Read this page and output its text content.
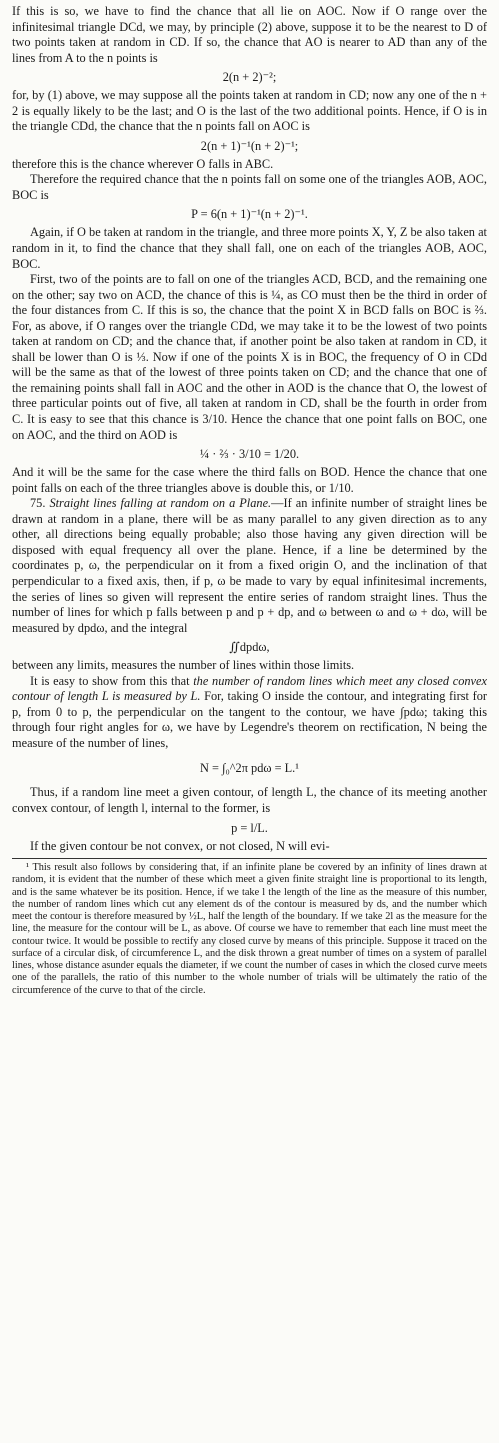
If this is so, we have to find the chance that all lie on AOC. Now if O range over the infinitesimal triangle DCd, we may, by principle (2) above, suppose it to be the nearest to D of two points taken at random in CD. If so, the chance that AO is nearer to AD than any of the lines from A to the n points is

2(n + 2)⁻²;

for, by (1) above, we may suppose all the points taken at random in CD; now any one of the n + 2 is equally likely to be the last; and O is the last of the two additional points. Hence, if O is in the triangle CDd, the chance that the n points fall on AOC is

2(n + 1)⁻¹(n + 2)⁻¹;

therefore this is the chance wherever O falls in ABC.

Therefore the required chance that the n points fall on some one of the triangles AOB, AOC, BOC is

P = 6(n + 1)⁻¹(n + 2)⁻¹.

Again, if O be taken at random in the triangle, and three more points X, Y, Z be also taken at random in it, to find the chance that they shall fall, one on each of the triangles AOB, AOC, BOC.

First, two of the points are to fall on one of the triangles ACD, BCD, and the remaining one on the other; say two on ACD, the chance of this is ¼, as CO must then be the third in order of the four distances from C. If this is so, the chance that the point X in BCD falls on BOC is ⅔. For, as above, if O ranges over the triangle CDd, we may take it to be the lowest of two points taken at random on CD; and the chance that, if another point be also taken at random in CD, it shall be lower than O is ⅓. Now if one of the points X is in BOC, the frequency of O in CDd will be the same as that of the lowest of three points taken on CD; and the chance that one of the remaining points shall fall in AOC and the other in AOD is the chance that O, the lowest of three particular points out of five, all taken at random in CD, shall be the fourth in order from C. It is easy to see that this chance is 3/10. Hence the chance that one point falls on BOC, one on AOC, and the third on AOD is

¼ · ⅔ · 3/10 = 1/20.

And it will be the same for the case where the third falls on BOD. Hence the chance that one point falls on each of the three triangles above is double this, or 1/10.

75. Straight lines falling at random on a Plane.—If an infinite number of straight lines be drawn at random in a plane, there will be as many parallel to any given direction as to any other, all directions being equally probable; also those having any given direction will be disposed with equal frequency all over the plane. Hence, if a line be determined by the coordinates p, ω, the perpendicular on it from a fixed origin O, and the inclination of that perpendicular to a fixed axis, then, if p, ω be made to vary by equal infinitesimal increments, the series of lines so given will represent the entire series of random straight lines. Thus the number of lines for which p falls between p and p + dp, and ω between ω and ω + dω, will be measured by dpdω, and the integral

∬dpdω,

between any limits, measures the number of lines within those limits.

It is easy to show from this that the number of random lines which meet any closed convex contour of length L is measured by L. For, taking O inside the contour, and integrating first for p, from 0 to p, the perpendicular on the tangent to the contour, we have ∫pdω; taking this through four right angles for ω, we have by Legendre's theorem on rectification, N being the measure of the number of lines,

N = ∫₀^2π pdω = L.¹

Thus, if a random line meet a given contour, of length L, the chance of its meeting another convex contour, of length l, internal to the former, is

p = l/L.

If the given contour be not convex, or not closed, N will evi-

¹ This result also follows by considering that, if an infinite plane be covered by an infinity of lines drawn at random, it is evident that the number of these which meet a given finite straight line is proportional to its length, and is the same whatever be its position. Hence, if we take l the length of the line as the measure of this number, the number of random lines which cut any element ds of the contour is measured by ds, and the number which meet the contour is therefore measured by ½L, half the length of the boundary. If we take 2l as the measure for the line, the measure for the contour will be L, as above. Of course we have to remember that each line must meet the contour twice. It would be possible to rectify any closed curve by means of this principle. Suppose it traced on the surface of a circular disk, of circumference L, and the disk thrown a great number of times on a system of parallel lines, whose distance asunder equals the diameter, if we count the number of cases in which the closed curve meets one of the parallels, the ratio of this number to the whole number of trials will be ultimately the ratio of the circumference of the curve to that of the circle.
